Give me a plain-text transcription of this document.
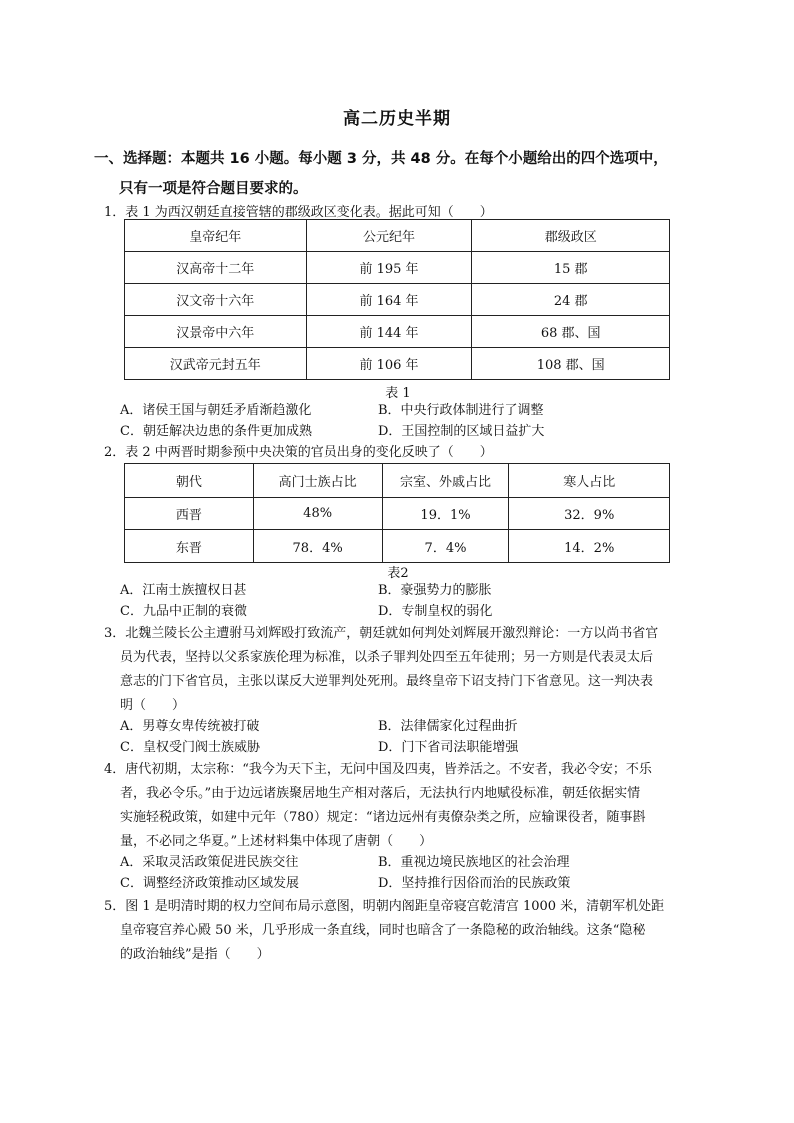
高二历史半期
一、选择题：本题共 16 小题。每小题 3 分，共 48 分。在每个小题给出的四个选项中，
只有一项是符合题目要求的。
1．表 1 为西汉朝廷直接管辖的郡级政区变化表。据此可知（　　）
皇帝纪年	公元纪年	郡级政区
汉高帝十二年	前 195 年	15 郡
汉文帝十六年	前 164 年	24 郡
汉景帝中六年	前 144 年	68 郡、国
汉武帝元封五年	前 106 年	108 郡、国
表 1
A．诸侯王国与朝廷矛盾渐趋激化	B．中央行政体制进行了调整
C．朝廷解决边患的条件更加成熟	D．王国控制的区域日益扩大
2．表 2 中两晋时期参预中央决策的官员出身的变化反映了（　　）
朝代	高门士族占比	宗室、外戚占比	寒人占比
西晋	48%	19．1%	32．9%
东晋	78．4%	7．4%	14．2%
表2
A．江南士族擅权日甚	B．豪强势力的膨胀
C．九品中正制的衰微	D．专制皇权的弱化
3．北魏兰陵长公主遭驸马刘辉殴打致流产，朝廷就如何判处刘辉展开激烈辩论：一方以尚书省官
员为代表，坚持以父系家族伦理为标准，以杀子罪判处四至五年徒刑；另一方则是代表灵太后
意志的门下省官员，主张以谋反大逆罪判处死刑。最终皇帝下诏支持门下省意见。这一判决表
明（　　）
A．男尊女卑传统被打破	B．法律儒家化过程曲折
C．皇权受门阀士族威胁	D．门下省司法职能增强
4．唐代初期，太宗称：“我今为天下主，无问中国及四夷，皆养活之。不安者，我必令安；不乐
者，我必令乐。”由于边远诸族聚居地生产相对落后，无法执行内地赋役标准，朝廷依据实情
实施轻税政策，如建中元年（780）规定：“诸边远州有夷僚杂类之所，应输课役者，随事斟
量，不必同之华夏。”上述材料集中体现了唐朝（　　）
A．采取灵活政策促进民族交往	B．重视边境民族地区的社会治理
C．调整经济政策推动区域发展	D．坚持推行因俗而治的民族政策
5．图 1 是明清时期的权力空间布局示意图，明朝内阁距皇帝寝宫乾清宫 1000 米，清朝军机处距
皇帝寝宫养心殿 50 米，几乎形成一条直线，同时也暗含了一条隐秘的政治轴线。这条“隐秘
的政治轴线”是指（　　）
